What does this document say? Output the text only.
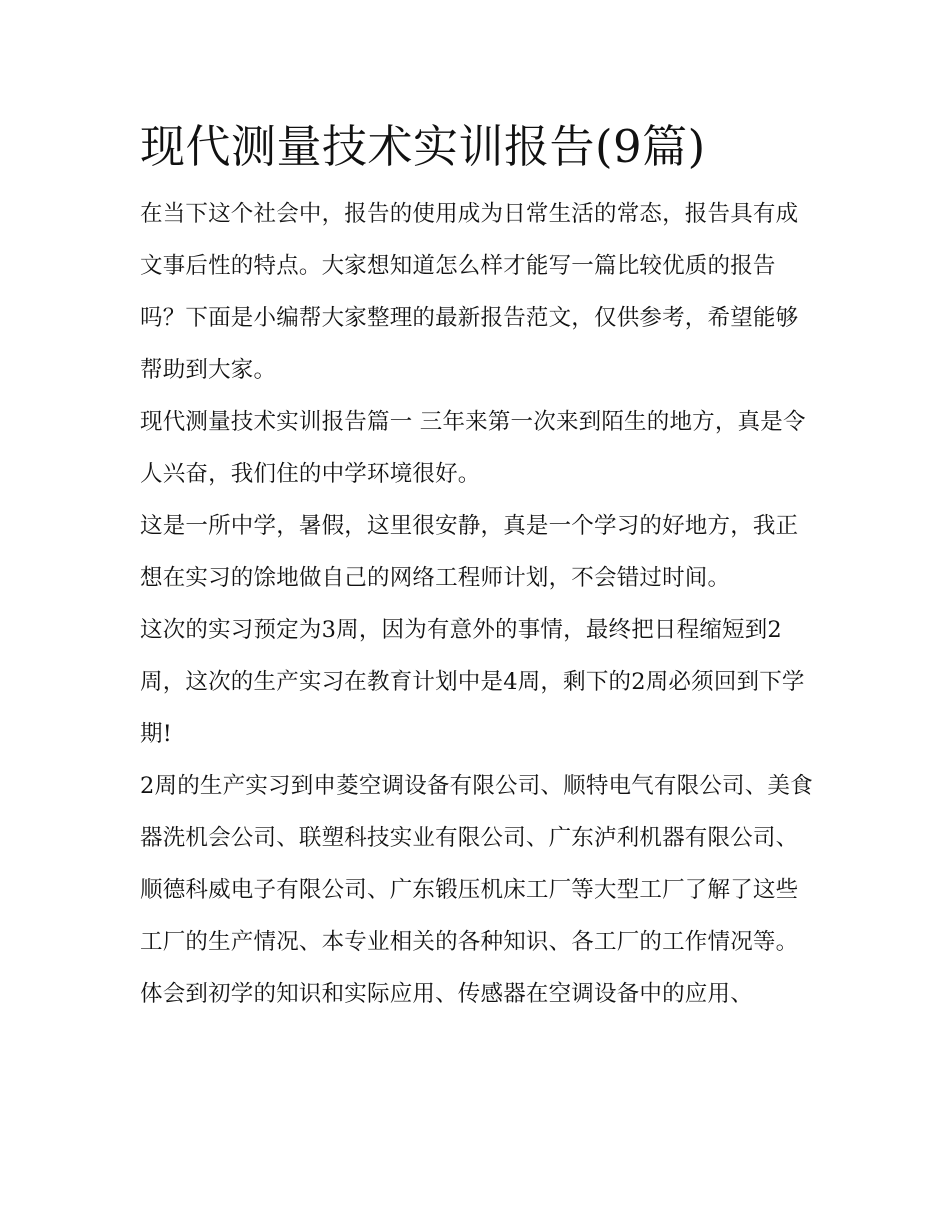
现代测量技术实训报告(9篇)

在当下这个社会中，报告的使用成为日常生活的常态，报告具有成文事后性的特点。大家想知道怎么样才能写一篇比较优质的报告吗？下面是小编帮大家整理的最新报告范文，仅供参考，希望能够帮助到大家。

现代测量技术实训报告篇一 三年来第一次来到陌生的地方，真是令人兴奋，我们住的中学环境很好。

这是一所中学，暑假，这里很安静，真是一个学习的好地方，我正想在实习的馀地做自己的网络工程师计划，不会错过时间。

这次的实习预定为3周，因为有意外的事情，最终把日程缩短到2周，这次的生产实习在教育计划中是4周，剩下的2周必须回到下学期!

2周的生产实习到申菱空调设备有限公司、顺特电气有限公司、美食器洗机会公司、联塑科技实业有限公司、广东泸利机器有限公司、顺德科威电子有限公司、广东锻压机床工厂等大型工厂了解了这些工厂的生产情况、本专业相关的各种知识、各工厂的工作情况等。

体会到初学的知识和实际应用、传感器在空调设备中的应用、
